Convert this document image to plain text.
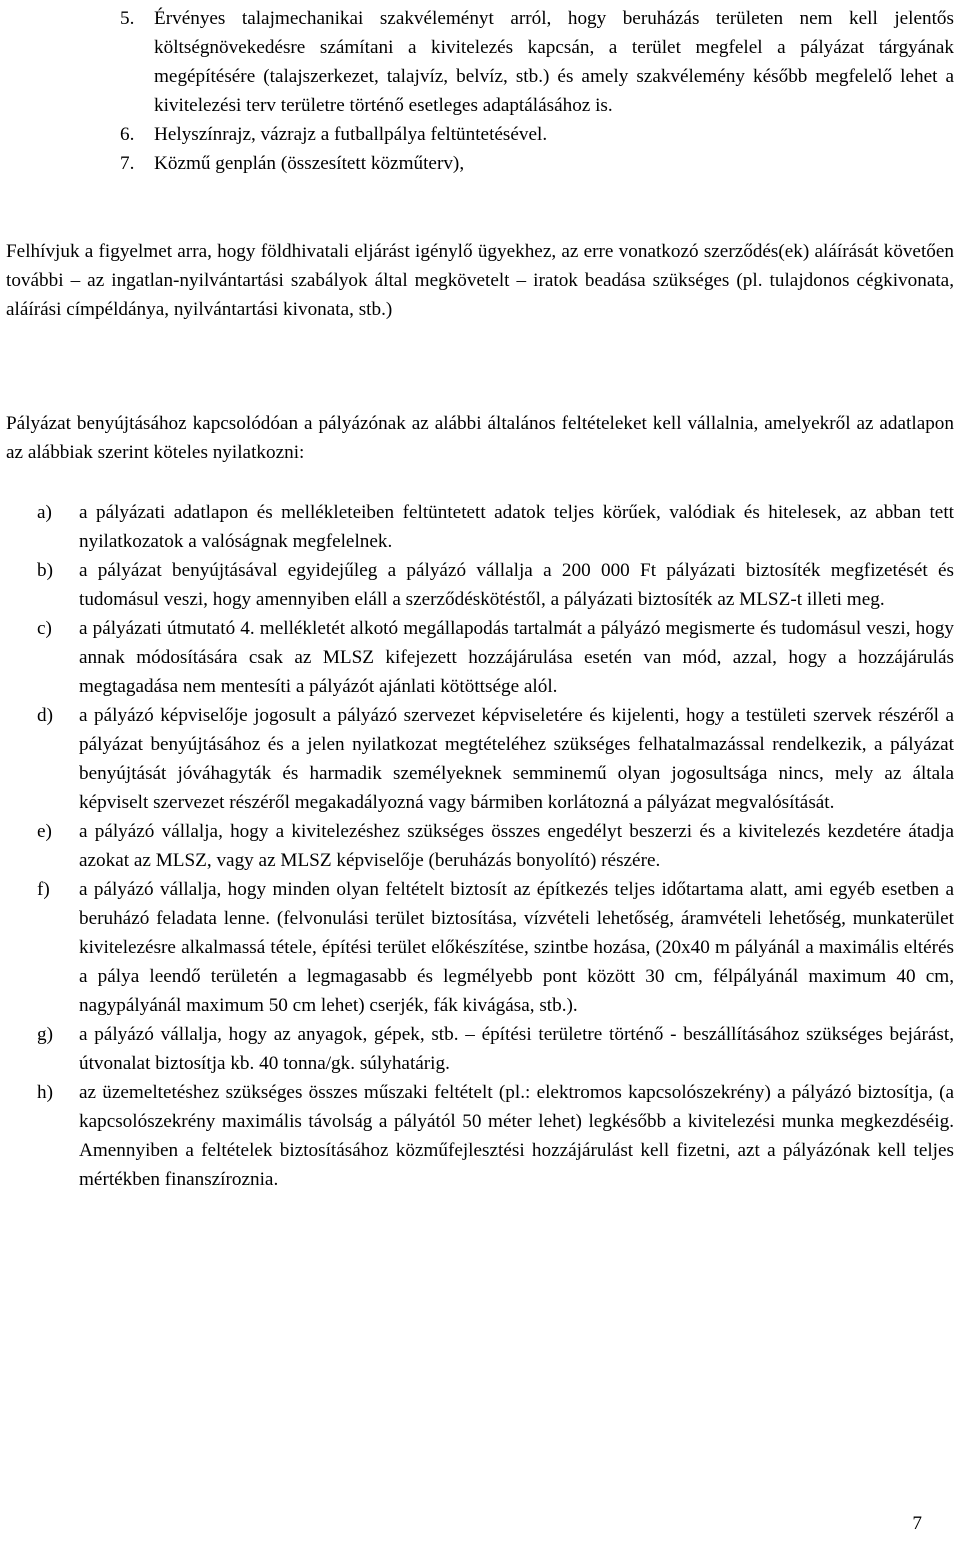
5. Érvényes talajmechanikai szakvéleményt arról, hogy beruházás területen nem kell jelentős költségnövekedésre számítani a kivitelezés kapcsán, a terület megfelel a pályázat tárgyának megépítésére (talajszerkezet, talajvíz, belvíz, stb.) és amely szakvélemény később megfelelő lehet a kivitelezési terv területre történő esetleges adaptálásához is.
6. Helyszínrajz, vázrajz a futballpálya feltüntetésével.
7. Közmű genplán (összesített közműterv),

Felhívjuk a figyelmet arra, hogy földhivatali eljárást igénylő ügyekhez, az erre vonatkozó szerződés(ek) aláírását követően további – az ingatlan-nyilvántartási szabályok által megkövetelt – iratok beadása szükséges (pl. tulajdonos cégkivonata, aláírási címpéldánya, nyilvántartási kivonata, stb.)

Pályázat benyújtásához kapcsolódóan a pályázónak az alábbi általános feltételeket kell vállalnia, amelyekről az adatlapon az alábbiak szerint köteles nyilatkozni:

a) a pályázati adatlapon és mellékleteiben feltüntetett adatok teljes körűek, valódiak és hitelesek, az abban tett nyilatkozatok a valóságnak megfelelnek.
b) a pályázat benyújtásával egyidejűleg a pályázó vállalja a 200 000 Ft pályázati biztosíték megfizetését és tudomásul veszi, hogy amennyiben eláll a szerződéskötéstől, a pályázati biztosíték az MLSZ-t illeti meg.
c) a pályázati útmutató 4. mellékletét alkotó megállapodás tartalmát a pályázó megismerte és tudomásul veszi, hogy annak módosítására csak az MLSZ kifejezett hozzájárulása esetén van mód, azzal, hogy a hozzájárulás megtagadása nem mentesíti a pályázót ajánlati kötöttsége alól.
d) a pályázó képviselője jogosult a pályázó szervezet képviseletére és kijelenti, hogy a testületi szervek részéről a pályázat benyújtásához és a jelen nyilatkozat megtételéhez szükséges felhatalmazással rendelkezik, a pályázat benyújtását jóváhagyták és harmadik személyeknek semminemű olyan jogosultsága nincs, mely az általa képviselt szervezet részéről megakadályozná vagy bármiben korlátozná a pályázat megvalósítását.
e) a pályázó vállalja, hogy a kivitelezéshez szükséges összes engedélyt beszerzi és a kivitelezés kezdetére átadja azokat az MLSZ, vagy az MLSZ képviselője (beruházás bonyolító) részére.
f) a pályázó vállalja, hogy minden olyan feltételt biztosít az építkezés teljes időtartama alatt, ami egyéb esetben a beruházó feladata lenne. (felvonulási terület biztosítása, vízvételi lehetőség, áramvételi lehetőség, munkaterület kivitelezésre alkalmassá tétele, építési terület előkészítése, szintbe hozása, (20x40 m pályánál a maximális eltérés a pálya leendő területén a legmagasabb és legmélyebb pont között 30 cm, félpályánál maximum 40 cm, nagypályánál maximum 50 cm lehet) cserjék, fák kivágása, stb.).
g) a pályázó vállalja, hogy az anyagok, gépek, stb. – építési területre történő - beszállításához szükséges bejárást, útvonalat biztosítja kb. 40 tonna/gk. súlyhatárig.
h) az üzemeltetéshez szükséges összes műszaki feltételt (pl.: elektromos kapcsolószekrény) a pályázó biztosítja, (a kapcsolószekrény maximális távolság a pályától 50 méter lehet) legkésőbb a kivitelezési munka megkezdéséig. Amennyiben a feltételek biztosításához közműfejlesztési hozzájárulást kell fizetni, azt a pályázónak kell teljes mértékben finanszíroznia.
7
